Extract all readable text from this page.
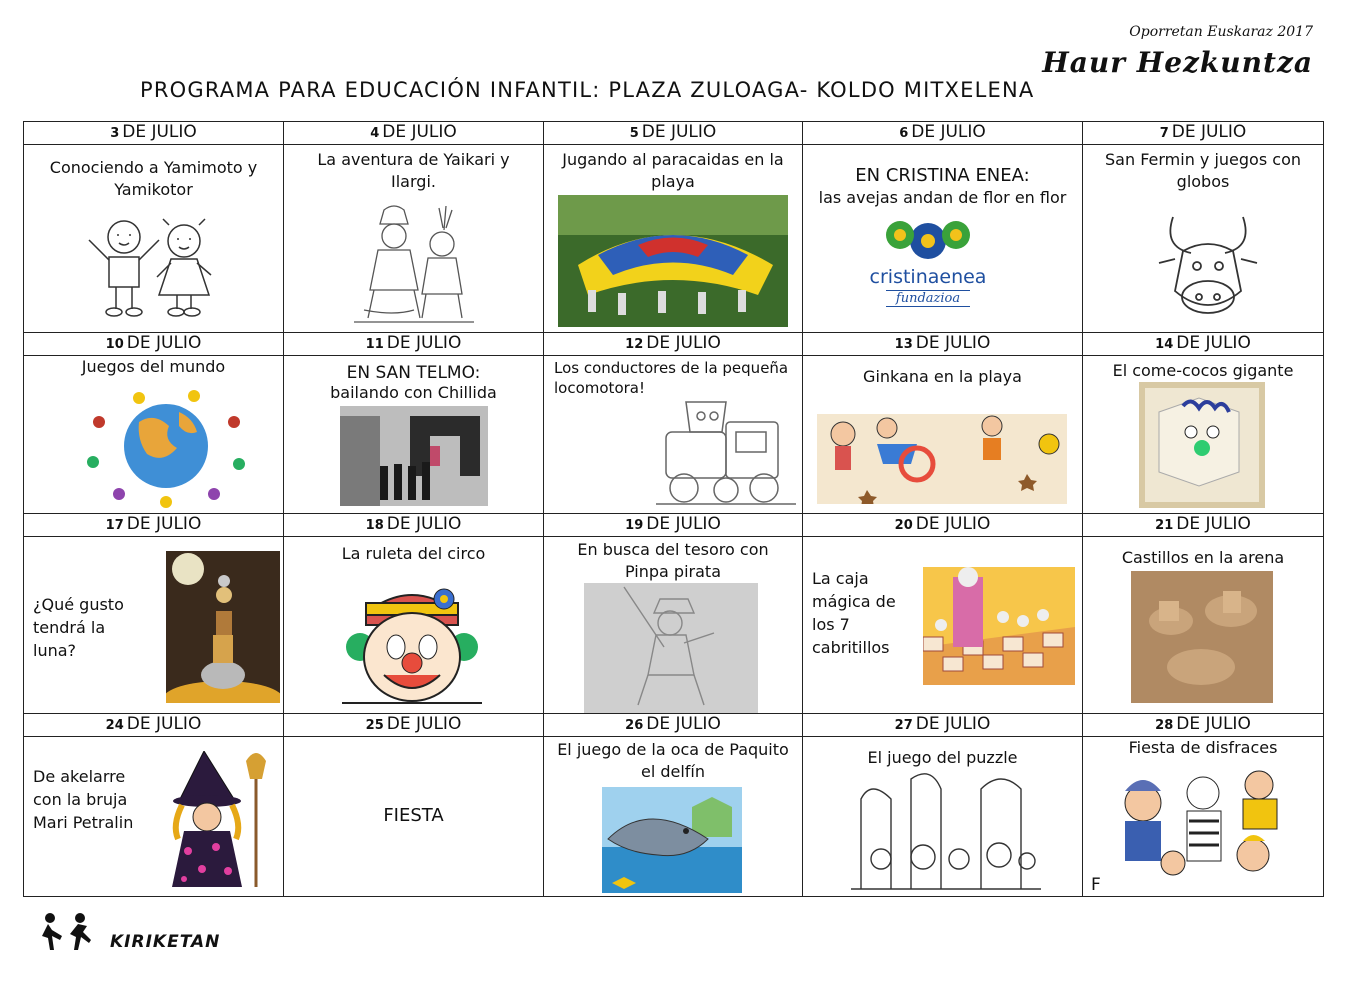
Oporretan Euskaraz 2017
Haur Hezkuntza
PROGRAMA PARA EDUCACIÓN INFANTIL: PLAZA ZULOAGA- KOLDO MITXELENA
3 DE JULIO	4 DE JULIO	5 DE JULIO	6 DE JULIO	7 DE JULIO

Conociendo a Yamimoto y Yamikotor	La aventura de Yaikari y Ilargi.	Jugando al paracaidas en la playa	EN CRISTINA ENEA:
las avejas andan de flor en flor
cristinaenea
fundazioa	San Fermin y juegos con globos

10 DE JULIO	11 DE JULIO	12 DE JULIO	13 DE JULIO	14 DE JULIO

Juegos del mundo	EN SAN TELMO:
bailando con Chillida	Los conductores de la pequeña locomotora!	Ginkana en la playa	El come-cocos gigante

17 DE JULIO	18 DE JULIO	19 DE JULIO	20 DE JULIO	21 DE JULIO

¿Qué gusto tendrá la luna?	La ruleta del circo	En busca del tesoro con Pinpa pirata	La caja mágica de los 7 cabritillos	Castillos en la arena

24 DE JULIO	25 DE JULIO	26 DE JULIO	27 DE JULIO	28 DE JULIO

De akelarre con la bruja Mari Petralin	FIESTA	El juego de la oca de Paquito el delfín	El juego del puzzle	Fiesta de disfraces
F
KIRIKETAN
